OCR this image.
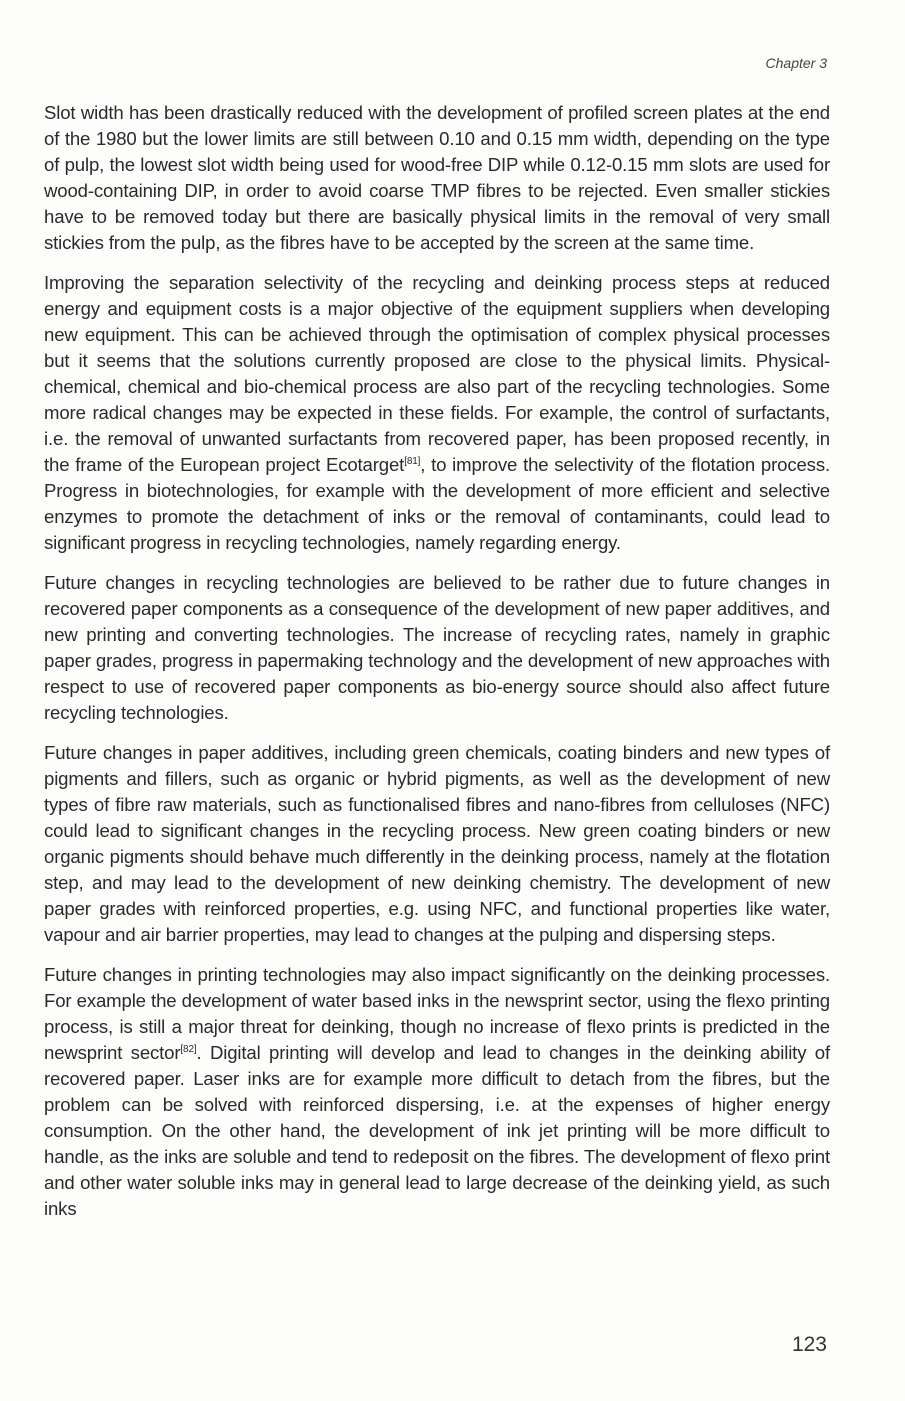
Chapter 3

Slot width has been drastically reduced with the development of profiled screen plates at the end of the 1980 but the lower limits are still between 0.10 and 0.15 mm width, depending on the type of pulp, the lowest slot width being used for wood-free DIP while 0.12-0.15 mm slots are used for wood-containing DIP, in order to avoid coarse TMP fibres to be rejected. Even smaller stickies have to be removed today but there are basically physical limits in the removal of very small stickies from the pulp, as the fibres have to be accepted by the screen at the same time.

Improving the separation selectivity of the recycling and deinking process steps at reduced energy and equipment costs is a major objective of the equipment suppliers when developing new equipment. This can be achieved through the optimisation of complex physical processes but it seems that the solutions currently proposed are close to the physical limits. Physical-chemical, chemical and bio-chemical process are also part of the recycling technologies. Some more radical changes may be expected in these fields. For example, the control of surfactants, i.e. the removal of unwanted surfactants from recovered paper, has been proposed recently, in the frame of the European project Ecotarget[81], to improve the selectivity of the flotation process. Progress in biotechnologies, for example with the development of more efficient and selective enzymes to promote the detachment of inks or the removal of contaminants, could lead to significant progress in recycling technologies, namely regarding energy.

Future changes in recycling technologies are believed to be rather due to future changes in recovered paper components as a consequence of the development of new paper additives, and new printing and converting technologies. The increase of recycling rates, namely in graphic paper grades, progress in papermaking technology and the development of new approaches with respect to use of recovered paper components as bio-energy source should also affect future recycling technologies.

Future changes in paper additives, including green chemicals, coating binders and new types of pigments and fillers, such as organic or hybrid pigments, as well as the development of new types of fibre raw materials, such as functionalised fibres and nano-fibres from celluloses (NFC) could lead to significant changes in the recycling process. New green coating binders or new organic pigments should behave much differently in the deinking process, namely at the flotation step, and may lead to the development of new deinking chemistry. The development of new paper grades with reinforced properties, e.g. using NFC, and functional properties like water, vapour and air barrier properties, may lead to changes at the pulping and dispersing steps.

Future changes in printing technologies may also impact significantly on the deinking processes. For example the development of water based inks in the newsprint sector, using the flexo printing process, is still a major threat for deinking, though no increase of flexo prints is predicted in the newsprint sector[82]. Digital printing will develop and lead to changes in the deinking ability of recovered paper. Laser inks are for example more difficult to detach from the fibres, but the problem can be solved with reinforced dispersing, i.e. at the expenses of higher energy consumption. On the other hand, the development of ink jet printing will be more difficult to handle, as the inks are soluble and tend to redeposit on the fibres. The development of flexo print and other water soluble inks may in general lead to large decrease of the deinking yield, as such inks

123
